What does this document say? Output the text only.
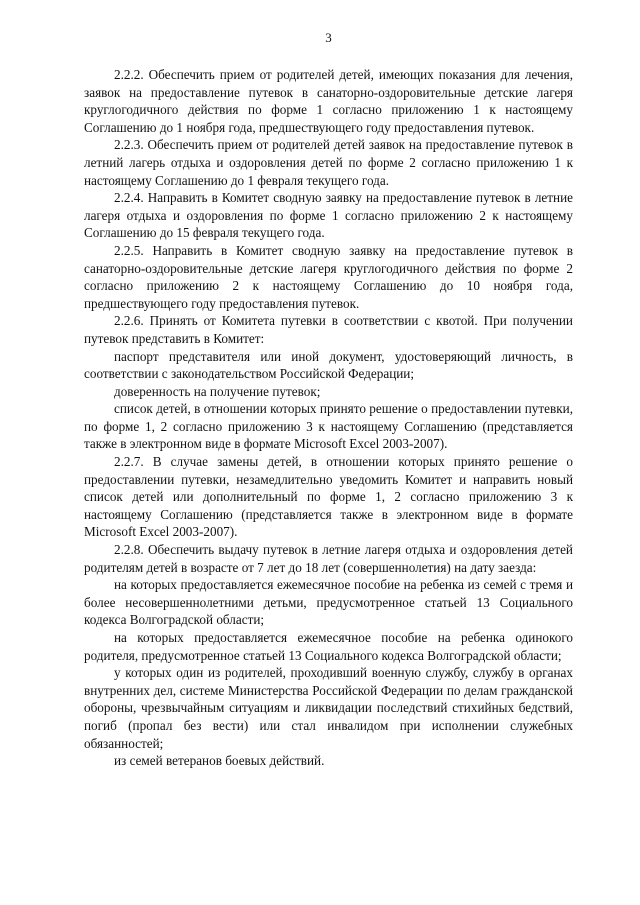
3

2.2.2. Обеспечить прием от родителей детей, имеющих показания для лечения, заявок на предоставление путевок в санаторно-оздоровительные детские лагеря круглогодичного действия по форме 1 согласно приложению 1 к настоящему Соглашению до 1 ноября года, предшествующего году предоставления путевок.

2.2.3. Обеспечить прием от родителей детей заявок на предоставление путевок в летний лагерь отдыха и оздоровления детей по форме 2 согласно приложению 1 к настоящему Соглашению до 1 февраля текущего года.

2.2.4. Направить в Комитет сводную заявку на предоставление путевок в летние лагеря отдыха и оздоровления по форме 1 согласно приложению 2 к настоящему Соглашению до 15 февраля текущего года.

2.2.5. Направить в Комитет сводную заявку на предоставление путевок в санаторно-оздоровительные детские лагеря круглогодичного действия по форме 2 согласно приложению 2 к настоящему Соглашению до 10 ноября года, предшествующего году предоставления путевок.

2.2.6. Принять от Комитета путевки в соответствии с квотой. При получении путевок представить в Комитет:

паспорт представителя или иной документ, удостоверяющий личность, в соответствии с законодательством Российской Федерации;

доверенность на получение путевок;

список детей, в отношении которых принято решение о предоставлении путевки, по форме 1, 2 согласно приложению 3 к настоящему Соглашению (представляется также в электронном виде в формате Microsoft Excel 2003-2007).

2.2.7. В случае замены детей, в отношении которых принято решение о предоставлении путевки, незамедлительно уведомить Комитет и направить новый список детей или дополнительный по форме 1, 2 согласно приложению 3 к настоящему Соглашению (представляется также в электронном виде в формате Microsoft Excel 2003-2007).

2.2.8. Обеспечить выдачу путевок в летние лагеря отдыха и оздоровления детей родителям детей в возрасте от 7 лет до 18 лет (совершеннолетия) на дату заезда:

на которых предоставляется ежемесячное пособие на ребенка из семей с тремя и более несовершеннолетними детьми, предусмотренное статьей 13 Социального кодекса Волгоградской области;

на которых предоставляется ежемесячное пособие на ребенка одинокого родителя, предусмотренное статьей 13 Социального кодекса Волгоградской области;

у которых один из родителей, проходивший военную службу, службу в органах внутренних дел, системе Министерства Российской Федерации по делам гражданской обороны, чрезвычайным ситуациям и ликвидации последствий стихийных бедствий, погиб (пропал без вести) или стал инвалидом при исполнении служебных обязанностей;

из семей ветеранов боевых действий.
